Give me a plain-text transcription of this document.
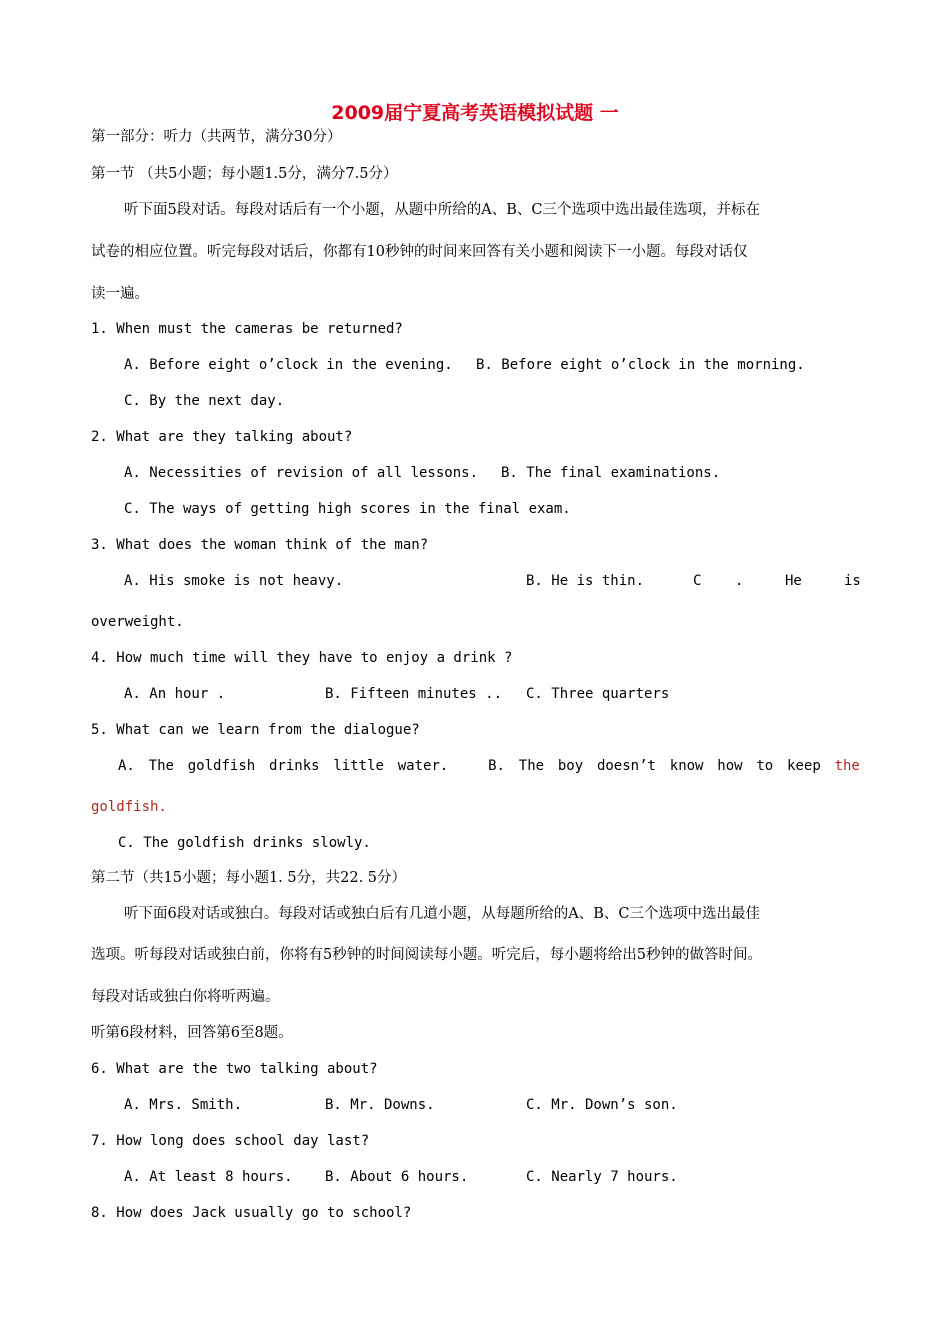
2009届宁夏高考英语模拟试题 一
第一部分：听力（共两节，满分30分）
第一节 （共5小题；每小题1.5分，满分7.5分）
听下面5段对话。每段对话后有一个小题，从题中所给的A、B、C三个选项中选出最佳选项，并标在
试卷的相应位置。听完每段对话后，你都有10秒钟的时间来回答有关小题和阅读下一小题。每段对话仅
读一遍。
1. When must the cameras be returned?
A. Before eight o’clock in the evening. B. Before eight o’clock in the morning.
C. By the next day.
2. What are they talking about?
A. Necessities of revision of all lessons. B. The final examinations.
C. The ways of getting high scores in the final exam.
3. What does the woman think of the man?
A. His smoke is not heavy.	B. He is thin.	C .	He	is
overweight.
4. How much time will they have to enjoy a drink ?
A. An hour .	B. Fifteen minutes .. C. Three quarters
5. What can we learn from the dialogue?
A. The goldfish drinks little water.	B. The boy doesn’t know how to keep the
goldfish.
C. The goldfish drinks slowly.
第二节（共15小题；每小题1. 5分，共22. 5分）
听下面6段对话或独白。每段对话或独白后有几道小题，从每题所给的A、B、C三个选项中选出最佳
选项。听每段对话或独白前，你将有5秒钟的时间阅读每小题。听完后，每小题将给出5秒钟的做答时间。
每段对话或独白你将听两遍。
听第6段材料，回答第6至8题。
6. What are the two talking about?
A. Mrs. Smith.	B. Mr. Downs.	C. Mr. Down’s son.
7. How long does school day last?
A. At least 8 hours. B. About 6 hours.	C. Nearly 7 hours.
8. How does Jack usually go to school?
